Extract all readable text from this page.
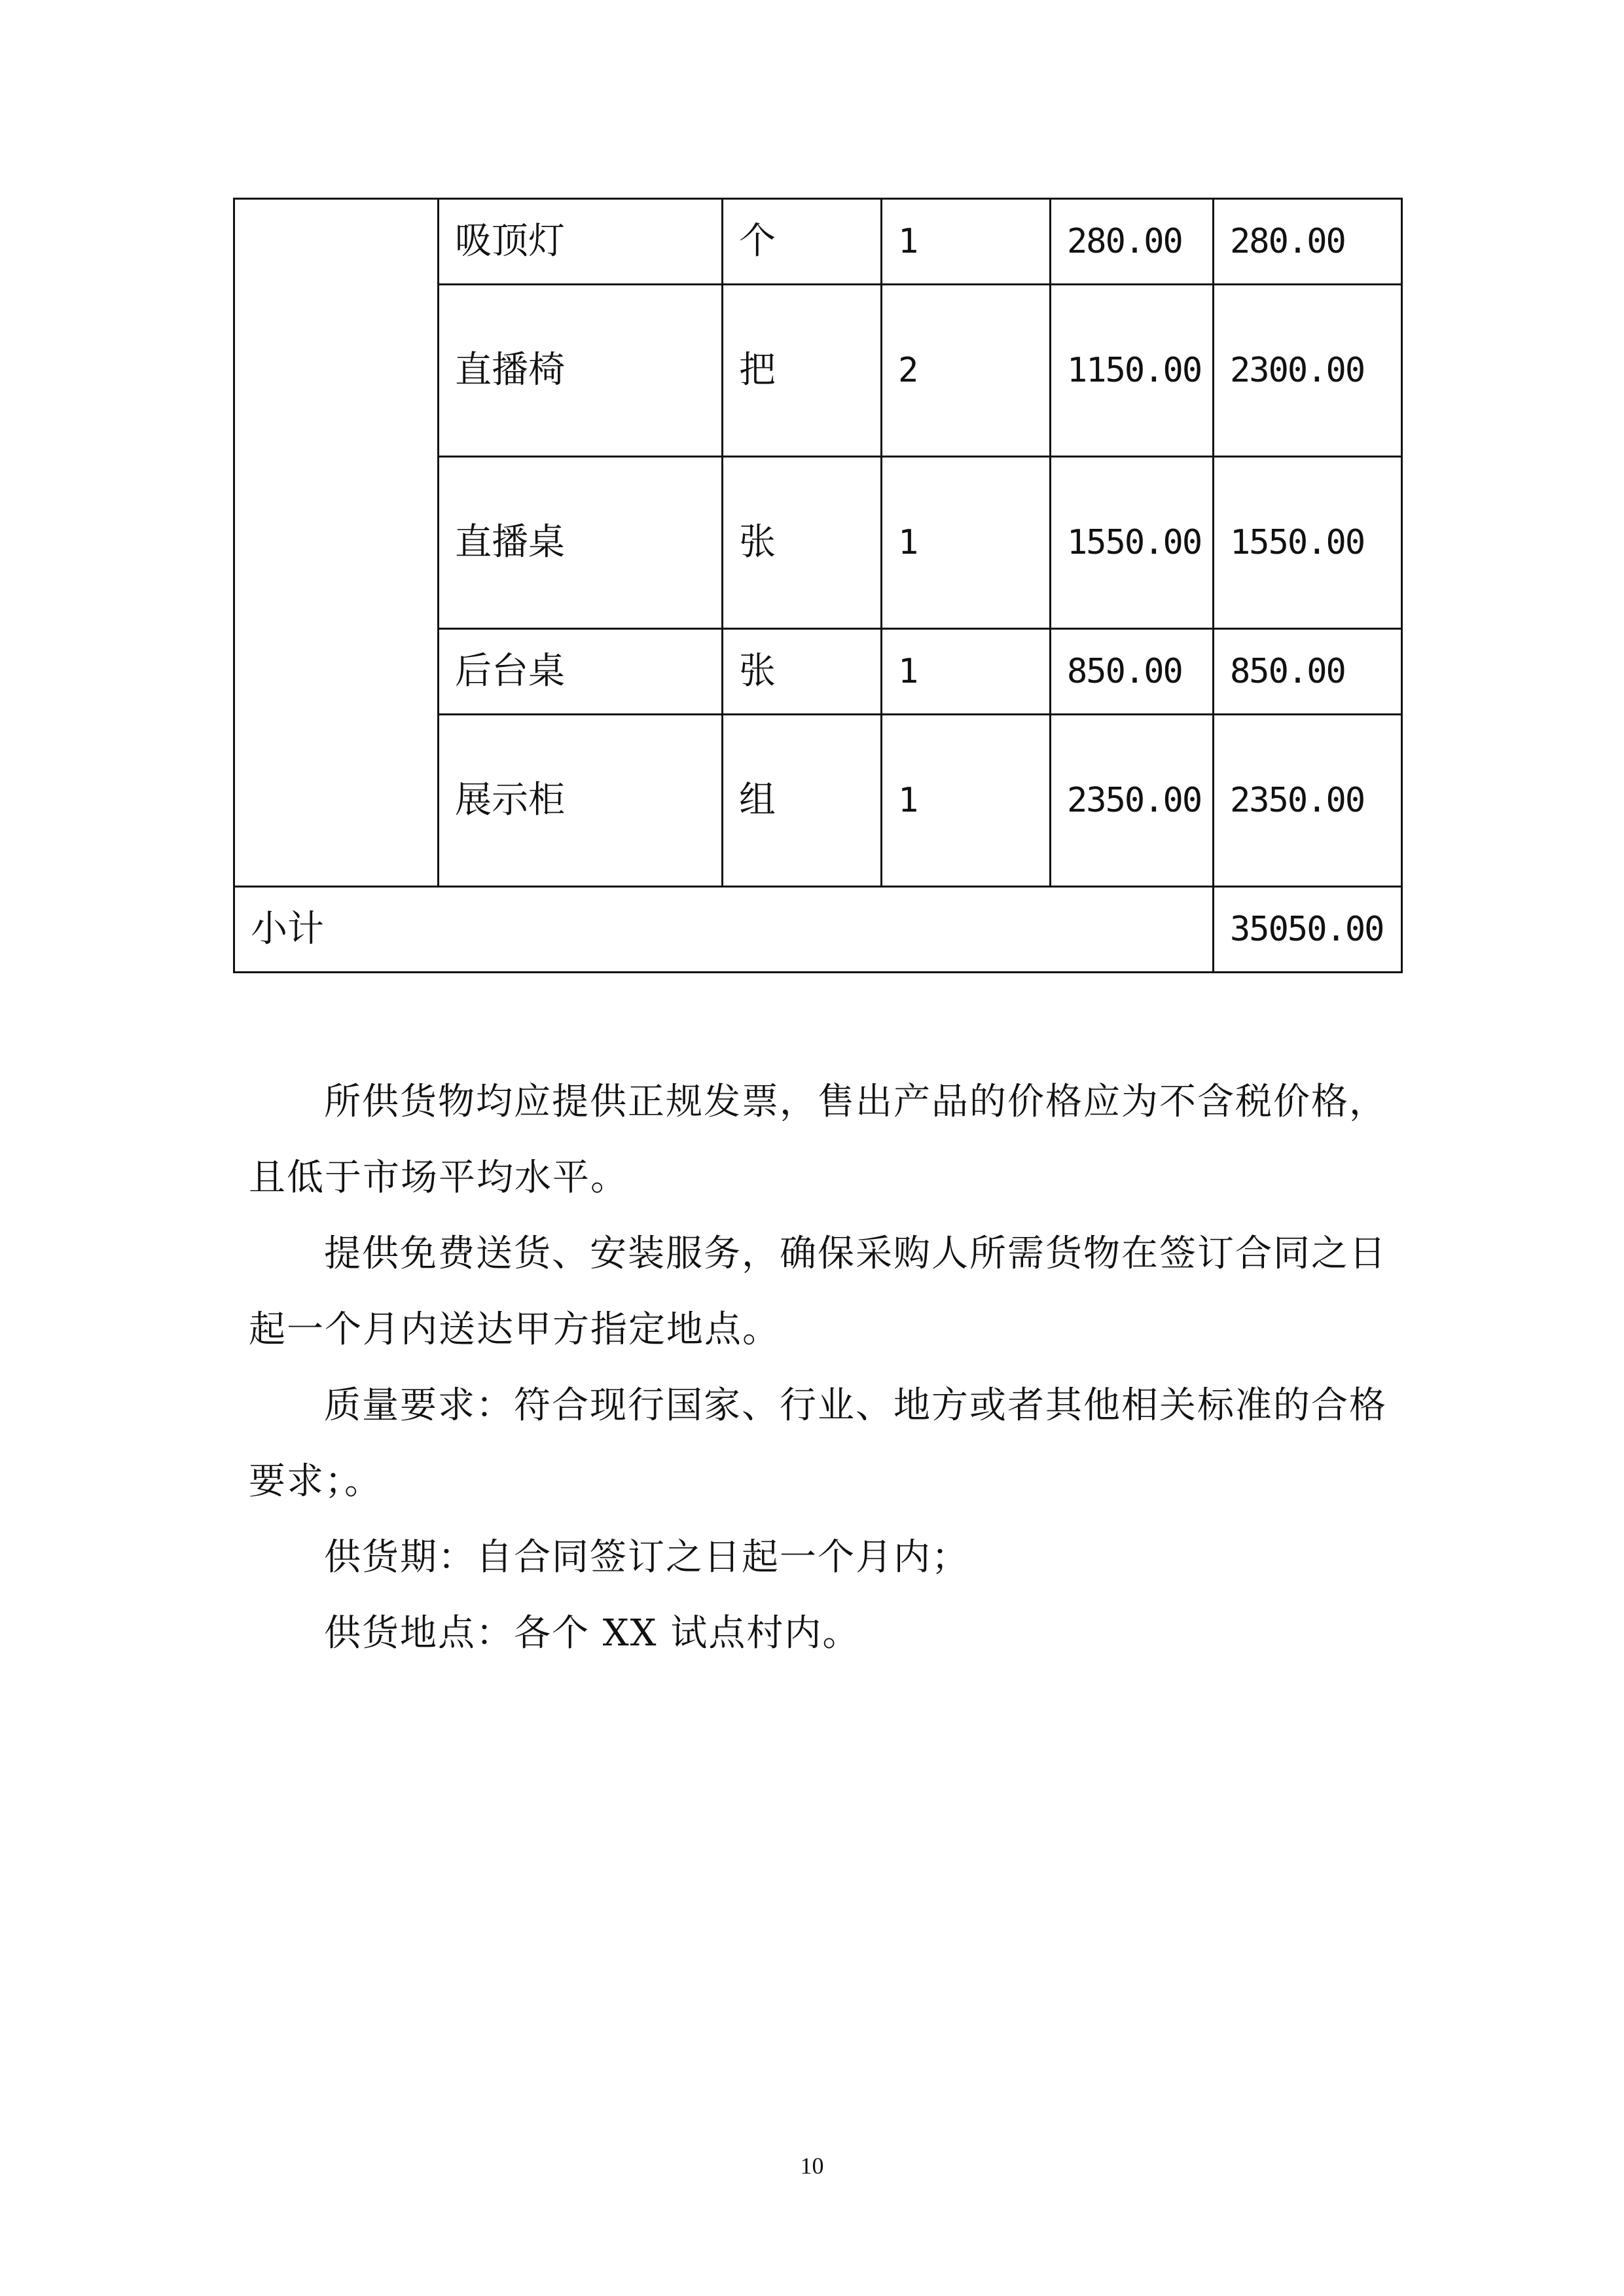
	吸顶灯	个	1	280.00	280.00
	直播椅	把	2	1150.00	2300.00
	直播桌	张	1	1550.00	1550.00
	后台桌	张	1	850.00	850.00
	展示柜	组	1	2350.00	2350.00
小计					35050.00

所供货物均应提供正规发票，售出产品的价格应为不含税价格，且低于市场平均水平。

提供免费送货、安装服务，确保采购人所需货物在签订合同之日起一个月内送达甲方指定地点。

质量要求：符合现行国家、行业、地方或者其他相关标准的合格要求；。

供货期：自合同签订之日起一个月内；

供货地点：各个 XX 试点村内。

10
